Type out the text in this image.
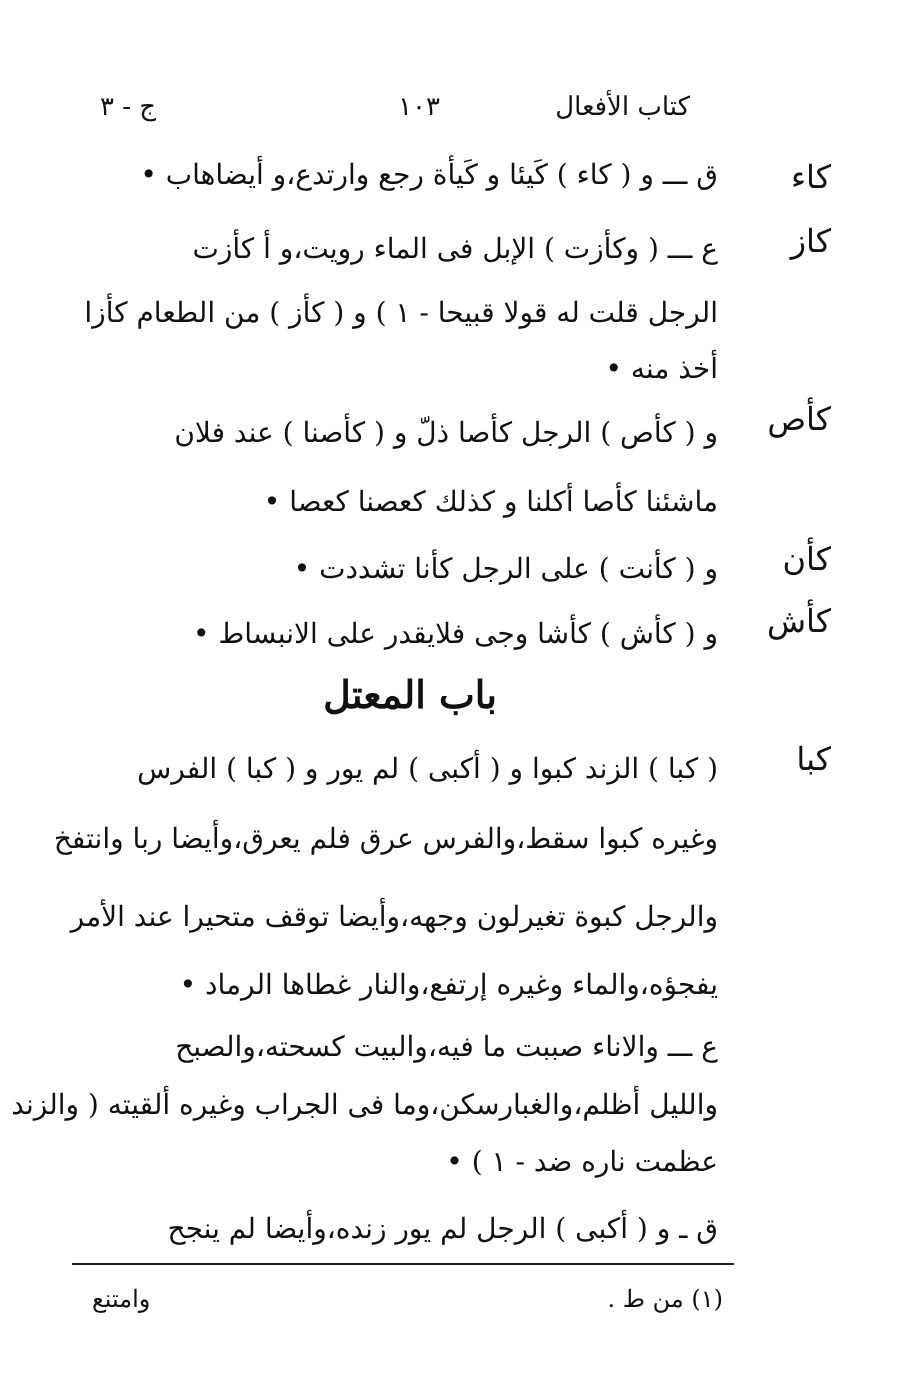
كتاب الأفعال
١٠٣
ج - ٣
كاء
ق ـــ و ( كاء ) كَيئا و كَيأة رجع وارتدع،و أيضاهاب •
كاز
ع ـــ ( وكأزت ) الإبل فى الماء رويت،و أ كأزت
الرجل قلت له قولا قبيحا - ١ ) و ( كأز ) من الطعام كأزا
أخذ منه •
كأص
و ( كأص ) الرجل كأصا ذلّ و ( كأصنا ) عند فلان
ماشئنا كأصا أكلنا و كذلك كعصنا كعصا •
كأن
و ( كأنت ) على الرجل كأنا تشددت •
كأش
و ( كأش ) كأشا وجى فلايقدر على الانبساط •
باب المعتل
كبا
( كبا ) الزند كبوا و ( أكبى ) لم يور و ( كبا ) الفرس
وغيره كبوا سقط،والفرس عرق فلم يعرق،وأيضا ربا وانتفخ
والرجل كبوة تغيرلون وجهه،وأيضا توقف متحيرا عند الأمر
يفجؤه،والماء وغيره إرتفع،والنار غطاها الرماد •
ع ـــ والاناء صببت ما فيه،والبيت كسحته،والصبح
والليل أظلم،والغبارسكن،وما فى الجراب وغيره ألقيته ( والزند
عظمت ناره ضد - ١ ) •
ق ـ و ( أكبى ) الرجل لم يور زنده،وأيضا لم ينجح
(١) من ط .
وامتنع
